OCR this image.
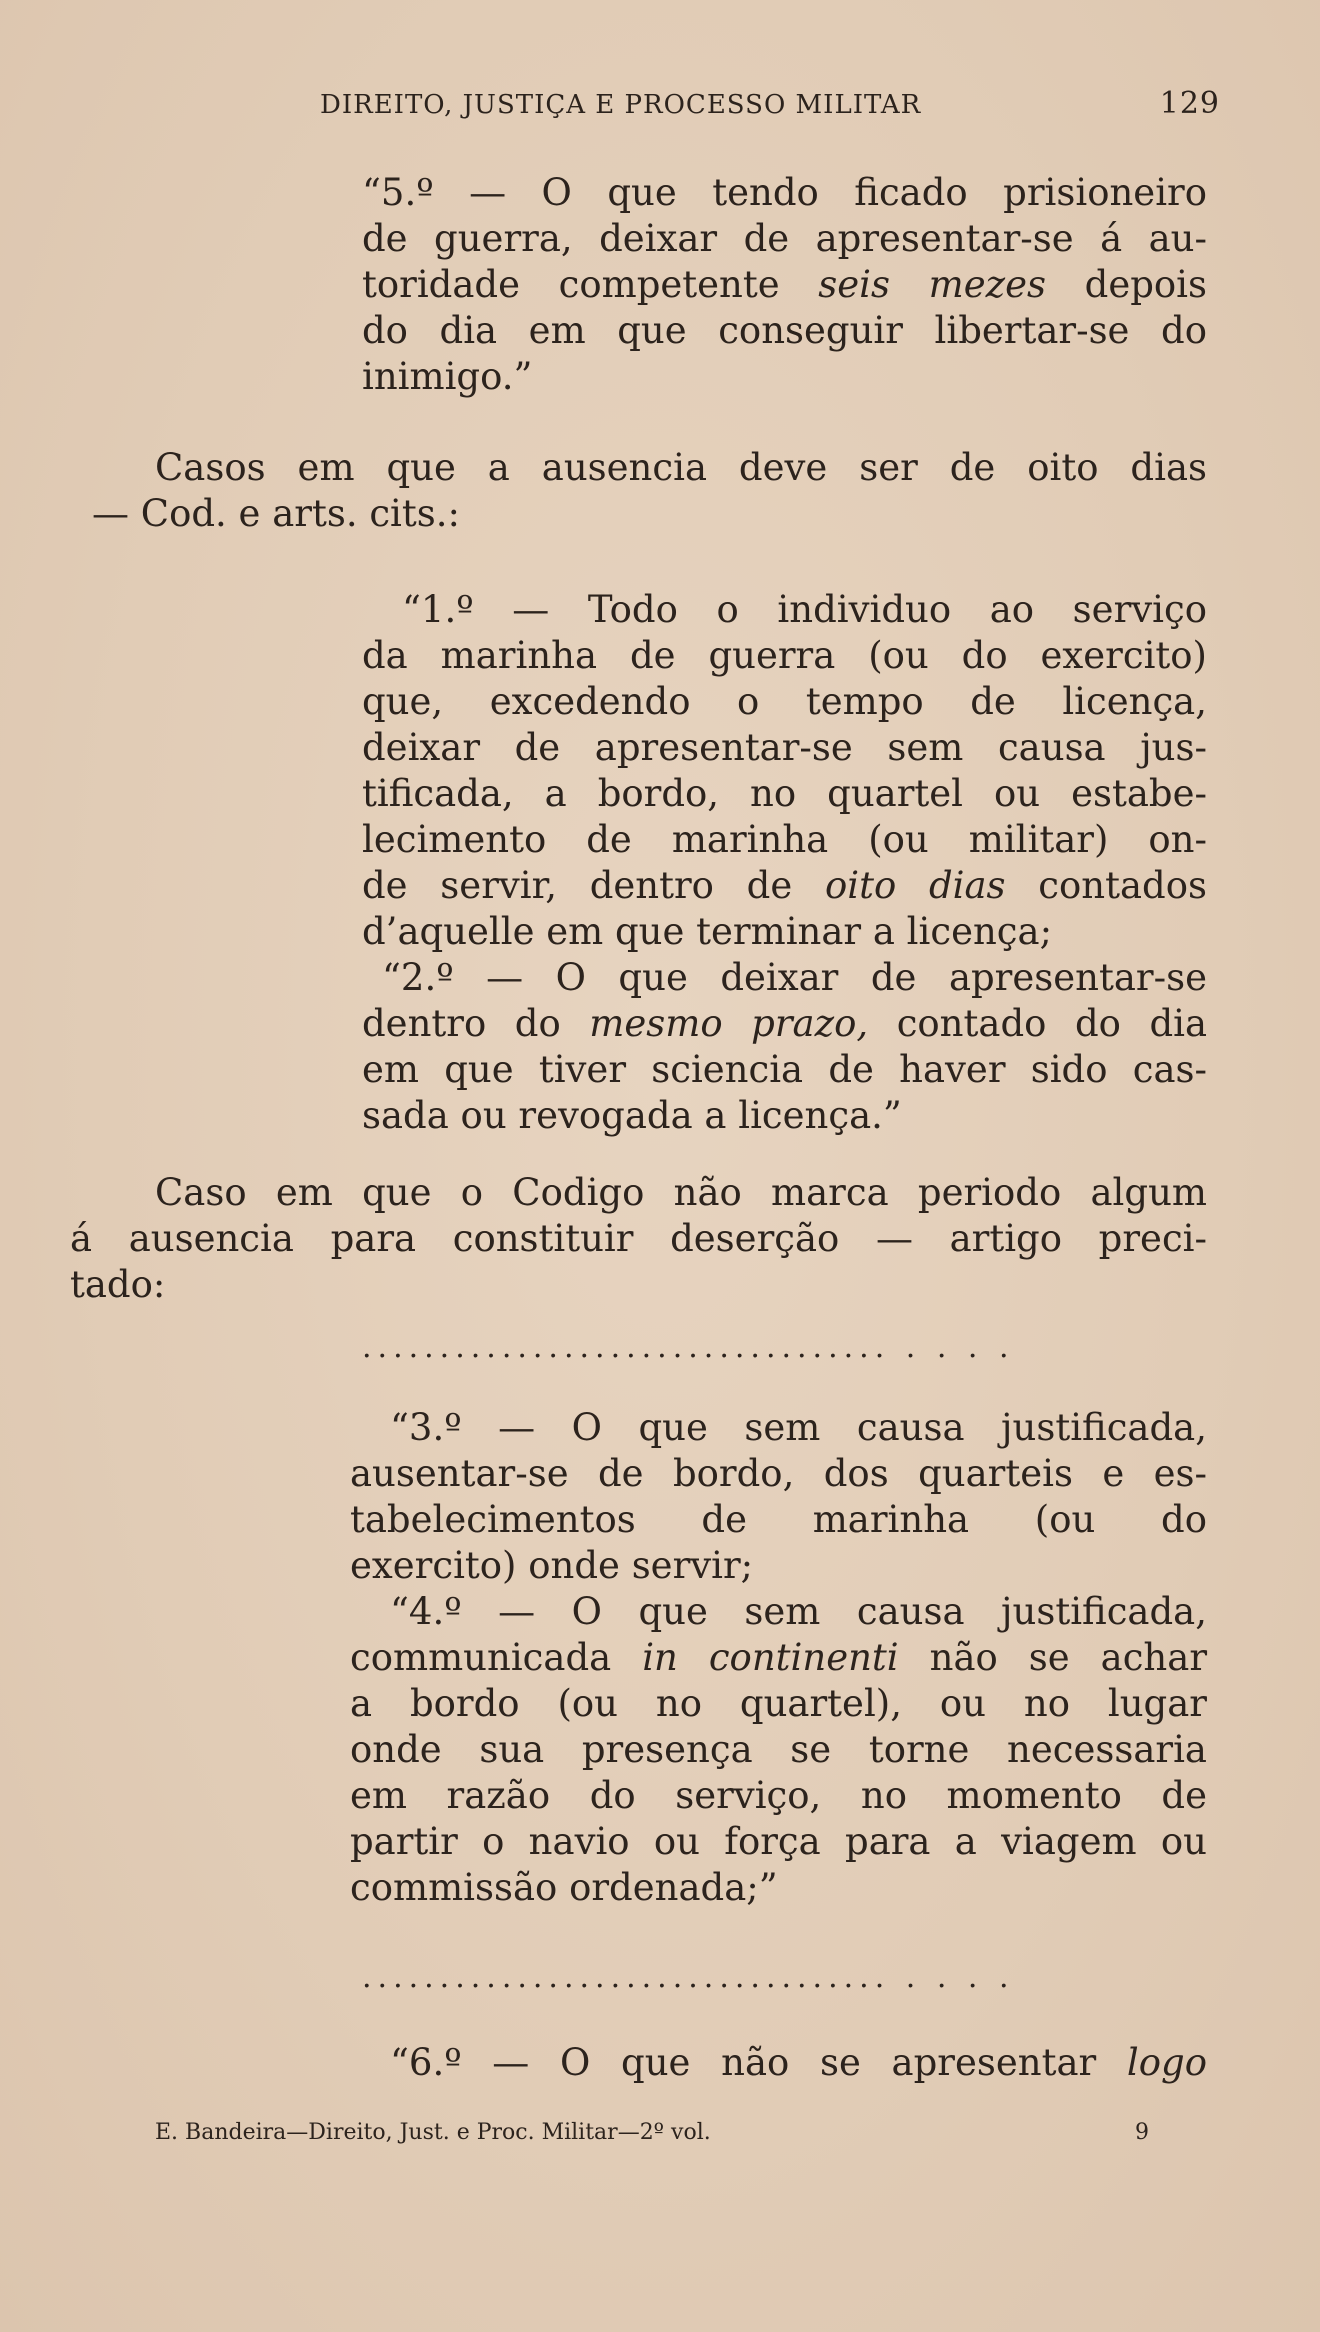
DIREITO, JUSTIÇA E PROCESSO MILITAR	129
“5.º — O que tendo ficado prisioneiro
de guerra, deixar de apresentar-se á au-
toridade competente seis mezes depois
do dia em que conseguir libertar-se do
inimigo.”
Casos em que a ausencia deve ser de oito dias
— Cod. e arts. cits.:
“1.º — Todo o individuo ao serviço
da marinha de guerra (ou do exercito)
que, excedendo o tempo de licença,
deixar de apresentar-se sem causa jus-
tificada, a bordo, no quartel ou estabe-
lecimento de marinha (ou militar) on-
de servir, dentro de oito dias contados
d’aquelle em que terminar a licença;
“2.º — O que deixar de apresentar-se
dentro do mesmo prazo, contado do dia
em que tiver sciencia de haver sido cas-
sada ou revogada a licença.”
Caso em que o Codigo não marca periodo algum
á ausencia para constituir deserção — artigo preci-
tado:
.................................. . . . .
“3.º — O que sem causa justificada,
ausentar-se de bordo, dos quarteis e es-
tabelecimentos de marinha (ou do
exercito) onde servir;
“4.º — O que sem causa justificada,
communicada in continenti não se achar
a bordo (ou no quartel), ou no lugar
onde sua presença se torne necessaria
em razão do serviço, no momento de
partir o navio ou força para a viagem ou
commissão ordenada;”
.................................. . . . .
“6.º — O que não se apresentar logo
E. Bandeira—Direito, Just. e Proc. Militar—2º vol.	9
